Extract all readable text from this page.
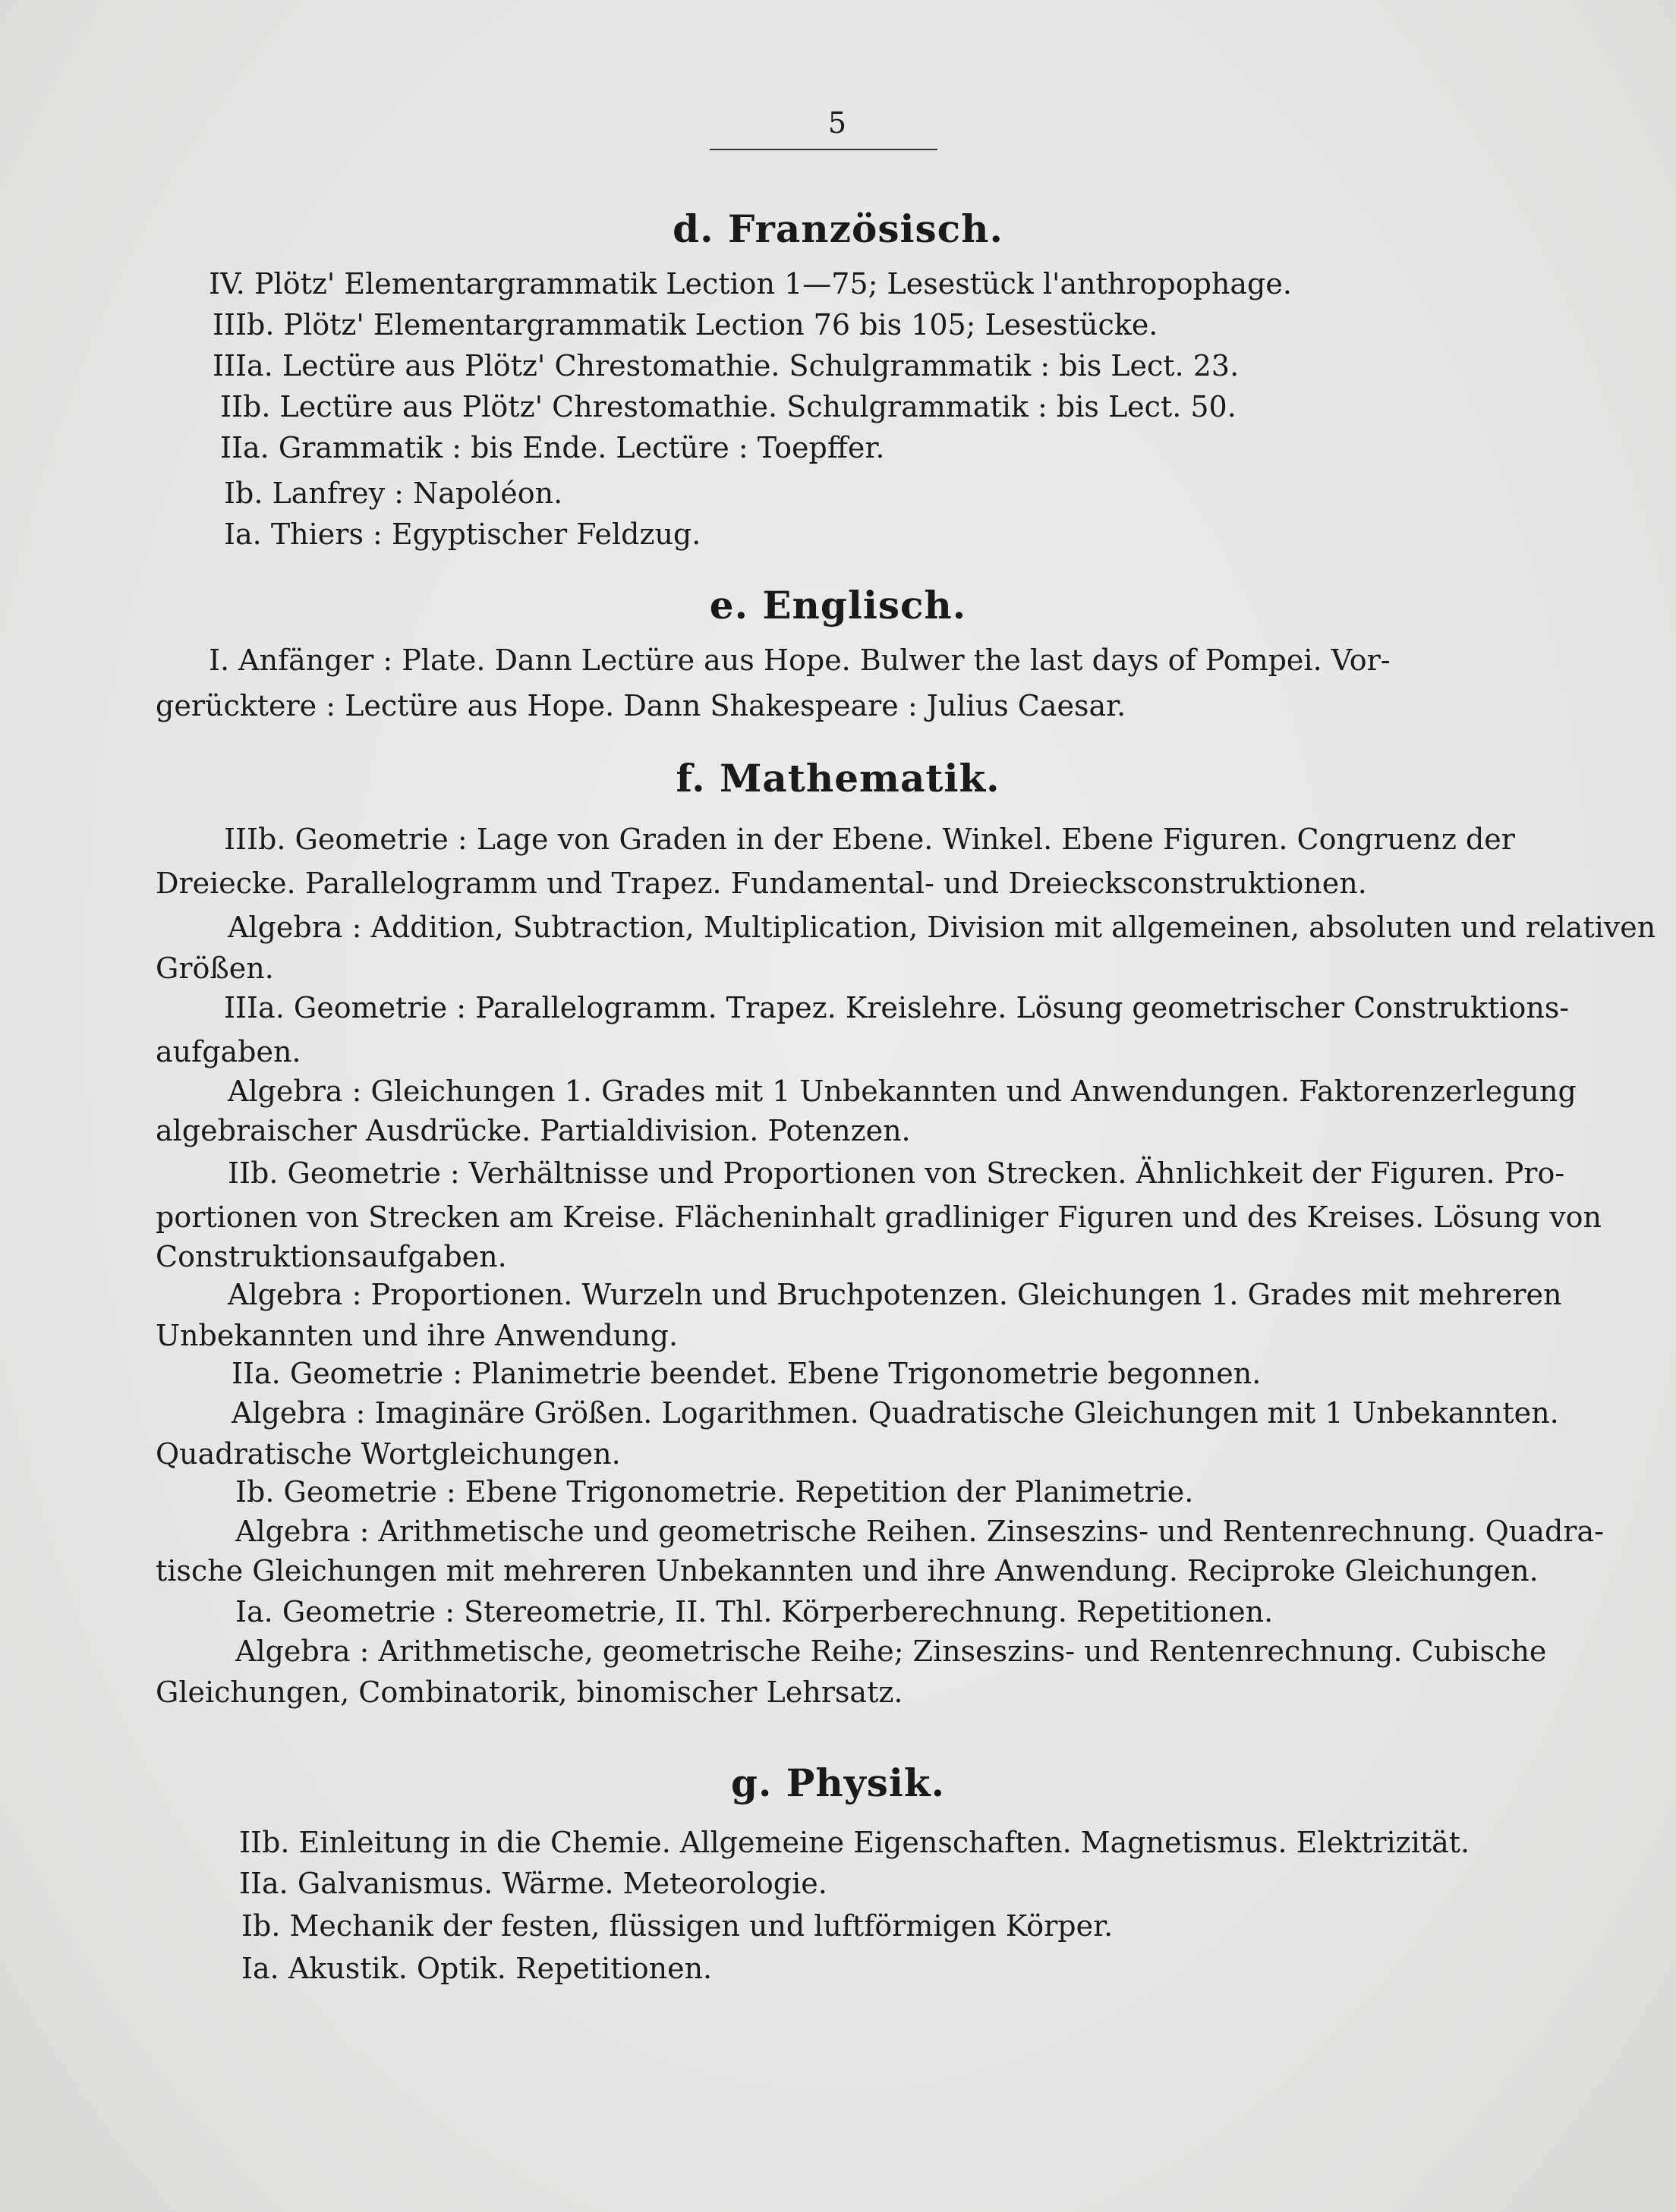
5
d. Französisch.
IV. Plötz' Elementargrammatik Lection 1—75; Lesestück l'anthropophage.
IIIb. Plötz' Elementargrammatik Lection 76 bis 105; Lesestücke.
IIIa. Lectüre aus Plötz' Chrestomathie. Schulgrammatik : bis Lect. 23.
IIb. Lectüre aus Plötz' Chrestomathie. Schulgrammatik : bis Lect. 50.
IIa. Grammatik : bis Ende. Lectüre : Toepffer.
Ib. Lanfrey : Napoléon.
Ia. Thiers : Egyptischer Feldzug.
e. Englisch.
I. Anfänger : Plate. Dann Lectüre aus Hope. Bulwer the last days of Pompei. Vor-
gerücktere : Lectüre aus Hope. Dann Shakespeare : Julius Caesar.
f. Mathematik.
IIIb. Geometrie : Lage von Graden in der Ebene. Winkel. Ebene Figuren. Congruenz der
Dreiecke. Parallelogramm und Trapez. Fundamental- und Dreiecksconstruktionen.
Algebra : Addition, Subtraction, Multiplication, Division mit allgemeinen, absoluten und relativen
Größen.
IIIa. Geometrie : Parallelogramm. Trapez. Kreislehre. Lösung geometrischer Construktions-
aufgaben.
Algebra : Gleichungen 1. Grades mit 1 Unbekannten und Anwendungen. Faktorenzerlegung
algebraischer Ausdrücke. Partialdivision. Potenzen.
IIb. Geometrie : Verhältnisse und Proportionen von Strecken. Ähnlichkeit der Figuren. Pro-
portionen von Strecken am Kreise. Flächeninhalt gradliniger Figuren und des Kreises. Lösung von
Construktionsaufgaben.
Algebra : Proportionen. Wurzeln und Bruchpotenzen. Gleichungen 1. Grades mit mehreren
Unbekannten und ihre Anwendung.
IIa. Geometrie : Planimetrie beendet. Ebene Trigonometrie begonnen.
Algebra : Imaginäre Größen. Logarithmen. Quadratische Gleichungen mit 1 Unbekannten.
Quadratische Wortgleichungen.
Ib. Geometrie : Ebene Trigonometrie. Repetition der Planimetrie.
Algebra : Arithmetische und geometrische Reihen. Zinseszins- und Rentenrechnung. Quadra-
tische Gleichungen mit mehreren Unbekannten und ihre Anwendung. Reciproke Gleichungen.
Ia. Geometrie : Stereometrie, II. Thl. Körperberechnung. Repetitionen.
Algebra : Arithmetische, geometrische Reihe; Zinseszins- und Rentenrechnung. Cubische
Gleichungen, Combinatorik, binomischer Lehrsatz.
g. Physik.
IIb. Einleitung in die Chemie. Allgemeine Eigenschaften. Magnetismus. Elektrizität.
IIa. Galvanismus. Wärme. Meteorologie.
Ib. Mechanik der festen, flüssigen und luftförmigen Körper.
Ia. Akustik. Optik. Repetitionen.
